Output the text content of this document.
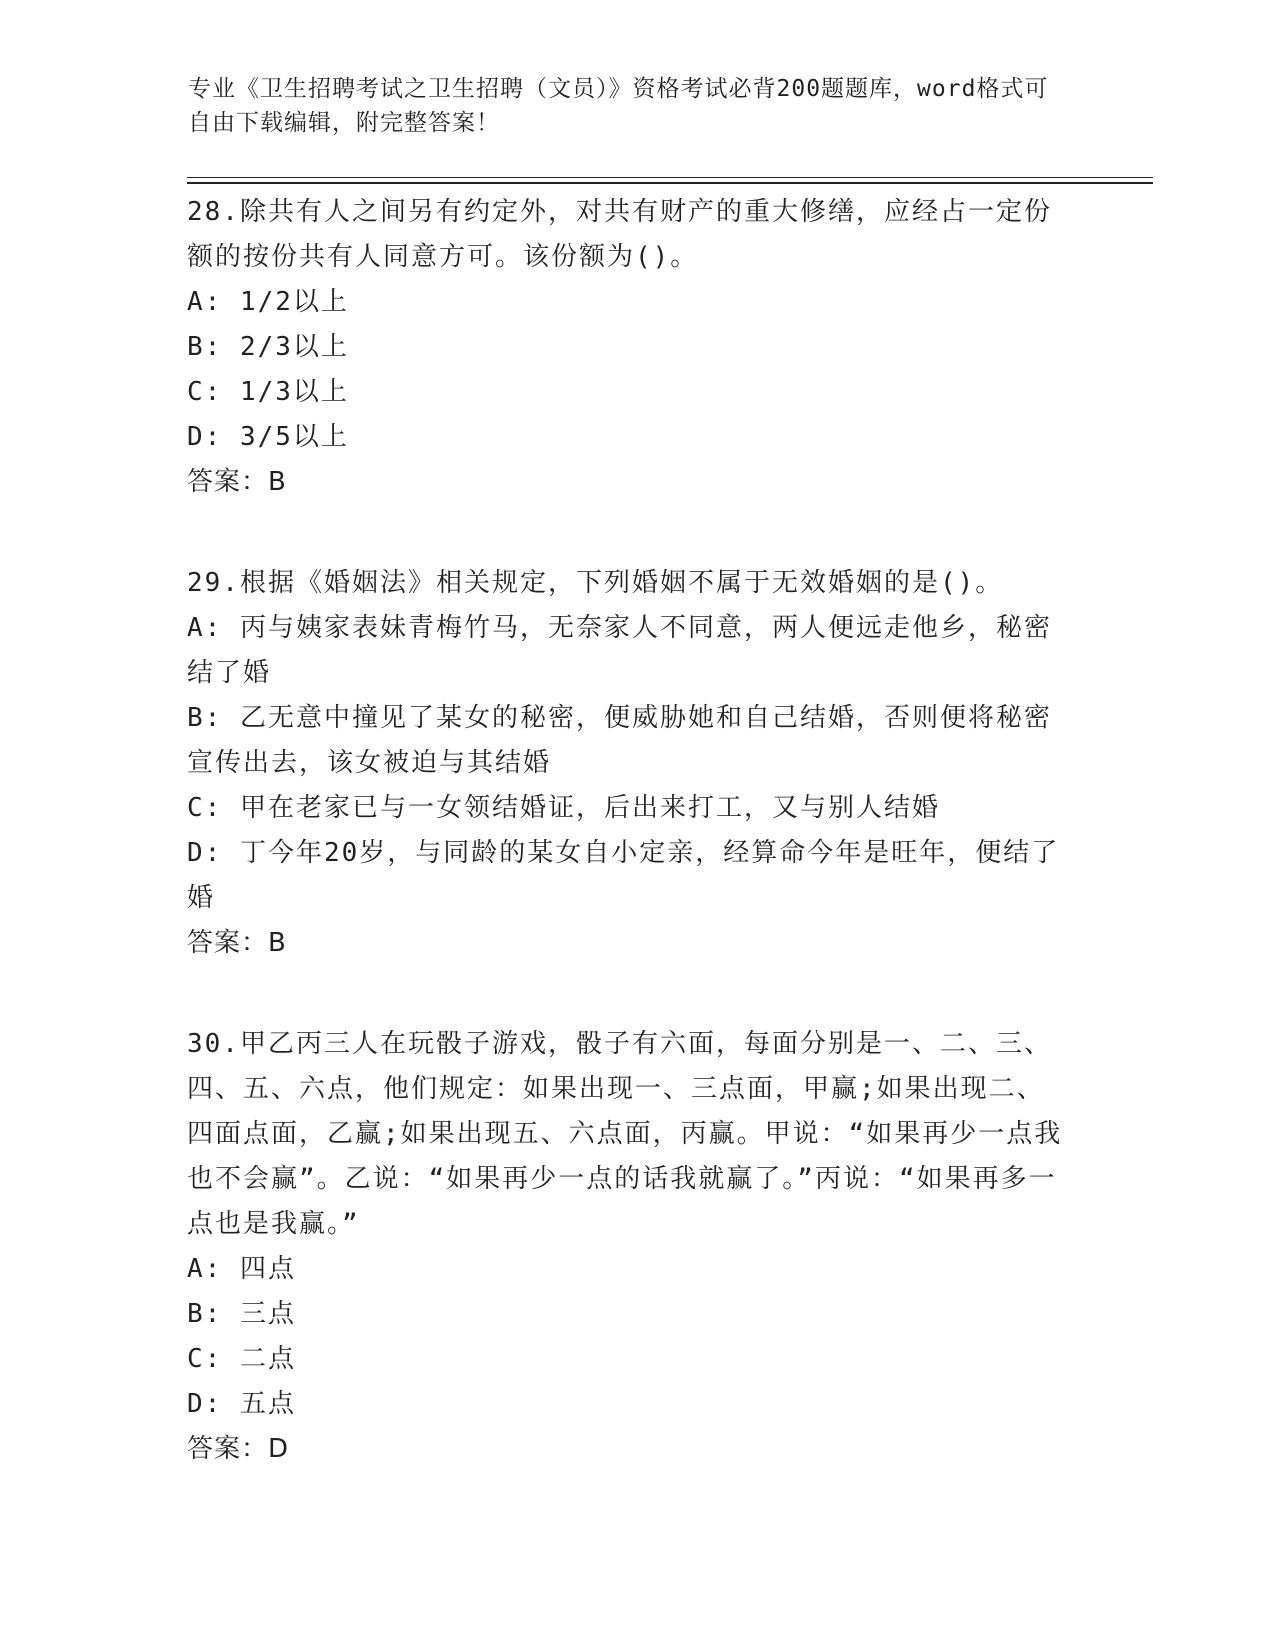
专业《卫生招聘考试之卫生招聘（文员）》资格考试必背200题题库，word格式可自由下载编辑，附完整答案！
28.除共有人之间另有约定外，对共有财产的重大修缮，应经占一定份额的按份共有人同意方可。该份额为()。
A: 1/2以上
B: 2/3以上
C: 1/3以上
D: 3/5以上
答案：B
29.根据《婚姻法》相关规定，下列婚姻不属于无效婚姻的是()。
A: 丙与姨家表妹青梅竹马，无奈家人不同意，两人便远走他乡，秘密结了婚
B: 乙无意中撞见了某女的秘密，便威胁她和自己结婚，否则便将秘密宣传出去，该女被迫与其结婚
C: 甲在老家已与一女领结婚证，后出来打工，又与别人结婚
D: 丁今年20岁，与同龄的某女自小定亲，经算命今年是旺年，便结了婚
答案：B
30.甲乙丙三人在玩骰子游戏，骰子有六面，每面分别是一、二、三、四、五、六点，他们规定：如果出现一、三点面，甲赢;如果出现二、四面点面，乙赢;如果出现五、六点面，丙赢。甲说：“如果再少一点我也不会赢”。乙说：“如果再少一点的话我就赢了。”丙说：“如果再多一点也是我赢。”
A: 四点
B: 三点
C: 二点
D: 五点
答案：D
